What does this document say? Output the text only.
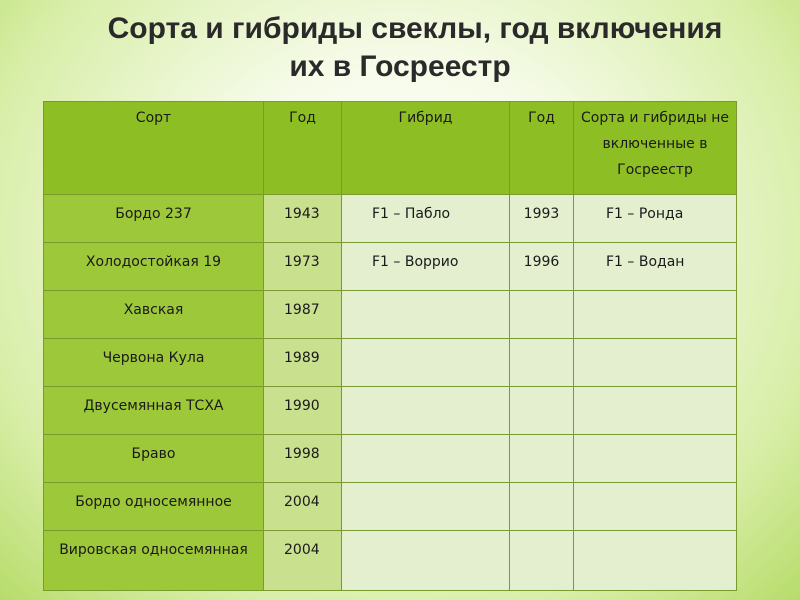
Сорта и гибриды свеклы, год включения
их в Госреестр
Сорт	Год	Гибрид	Год	Сорта и гибриды не включенные в Госреестр
Бордо 237	1943	F1 – Пабло	1993	F1 – Ронда
Холодостойкая 19	1973	F1 – Воррио	1996	F1 – Водан
Хавская	1987			
Червона Кула	1989			
Двусемянная ТСХА	1990			
Браво	1998			
Бордо односемянное	2004			
Вировская односемянная	2004			
